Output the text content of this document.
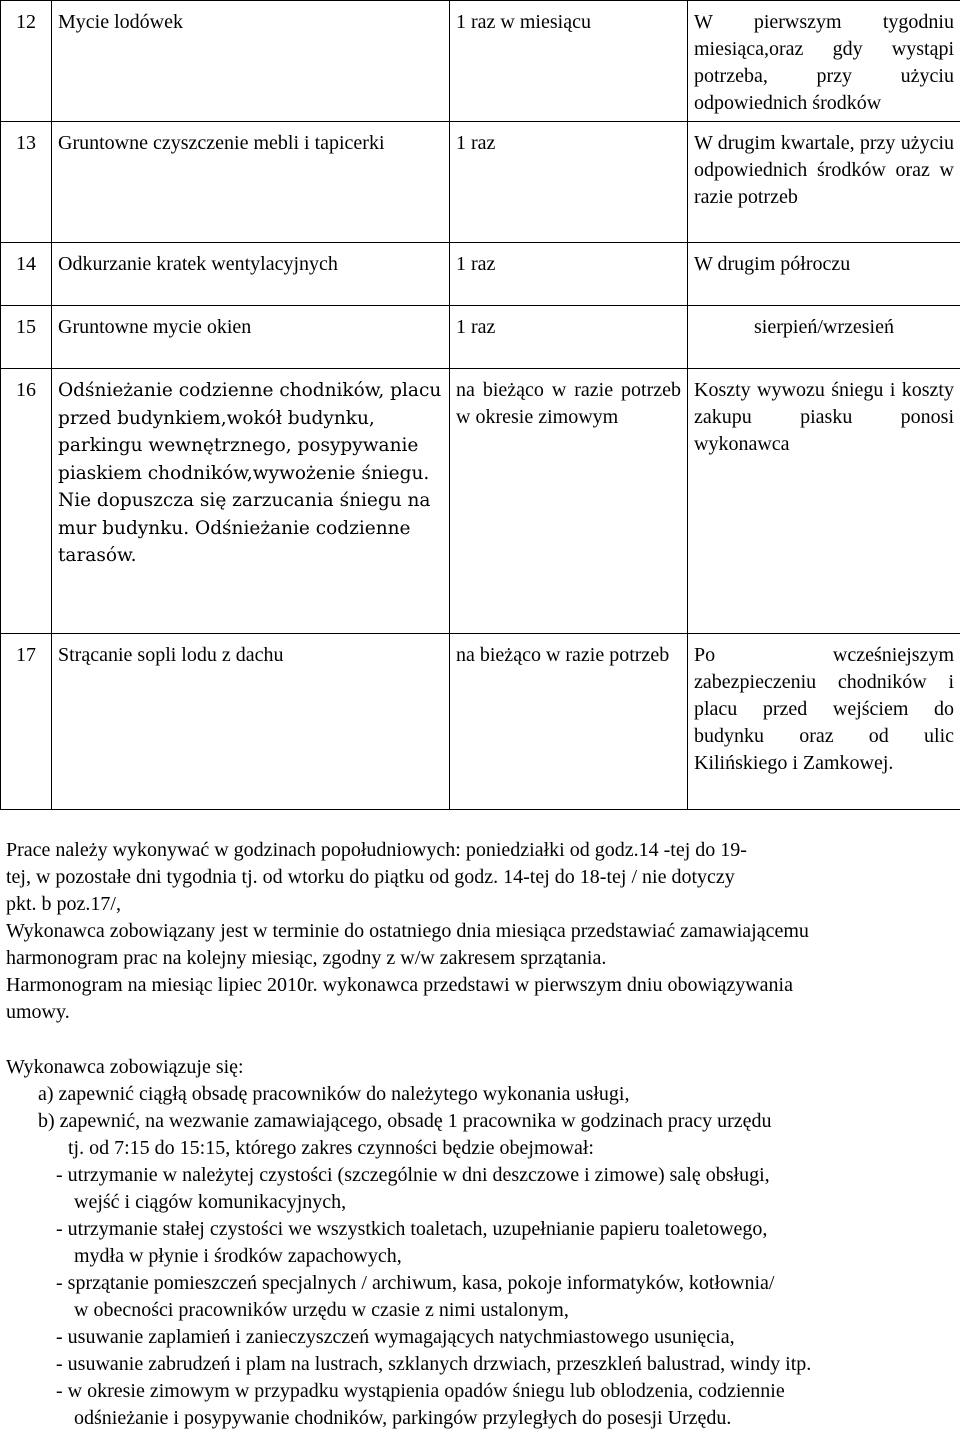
12	Mycie lodówek	1 raz w miesiącu	W pierwszym tygodniu miesiąca,oraz gdy wystąpi potrzeba, przy użyciu odpowiednich środków
13	Gruntowne czyszczenie mebli i tapicerki	1 raz	W drugim kwartale, przy użyciu odpowiednich środków oraz w razie potrzeb
14	Odkurzanie kratek wentylacyjnych	1 raz	W drugim półroczu
15	Gruntowne mycie okien	1 raz	sierpień/wrzesień
16	Odśnieżanie codzienne chodników, placu przed budynkiem,wokół budynku, parkingu wewnętrznego, posypywanie piaskiem chodników,wywożenie śniegu. Nie dopuszcza się zarzucania śniegu na mur budynku. Odśnieżanie codzienne tarasów.	na bieżąco w razie potrzeb w okresie zimowym	Koszty wywozu śniegu i koszty zakupu piasku ponosi wykonawca
17	Strącanie sopli lodu z dachu	na bieżąco w razie potrzeb	Po wcześniejszym zabezpieczeniu chodników i placu przed wejściem do budynku oraz od ulic Kilińskiego i Zamkowej.
Prace należy wykonywać w godzinach popołudniowych: poniedziałki od godz.14 -tej do 19-
tej, w pozostałe dni tygodnia tj. od wtorku do piątku od godz. 14-tej do 18-tej / nie dotyczy
pkt. b poz.17/,
Wykonawca zobowiązany jest w terminie do ostatniego dnia miesiąca przedstawiać zamawiającemu
harmonogram prac na kolejny miesiąc, zgodny z w/w zakresem sprzątania.
Harmonogram na miesiąc lipiec 2010r. wykonawca przedstawi w pierwszym dniu obowiązywania
umowy.
Wykonawca zobowiązuje się:
a) zapewnić ciągłą obsadę pracowników do należytego wykonania usługi,
b) zapewnić, na wezwanie zamawiającego, obsadę 1 pracownika w godzinach pracy urzędu
tj. od 7:15 do 15:15, którego zakres czynności będzie obejmował:
- utrzymanie w należytej czystości (szczególnie w dni deszczowe i zimowe) salę obsługi,
wejść i ciągów komunikacyjnych,
- utrzymanie stałej czystości we wszystkich toaletach, uzupełnianie papieru toaletowego,
mydła w płynie i środków zapachowych,
- sprzątanie pomieszczeń specjalnych / archiwum, kasa, pokoje informatyków, kotłownia/
w obecności pracowników urzędu w czasie z nimi ustalonym,
- usuwanie zaplamień i zanieczyszczeń wymagających natychmiastowego usunięcia,
- usuwanie zabrudzeń i plam na lustrach, szklanych drzwiach, przeszkleń balustrad, windy itp.
- w okresie zimowym w przypadku wystąpienia opadów śniegu lub oblodzenia, codziennie
odśnieżanie i posypywanie chodników, parkingów przyległych do posesji Urzędu.
